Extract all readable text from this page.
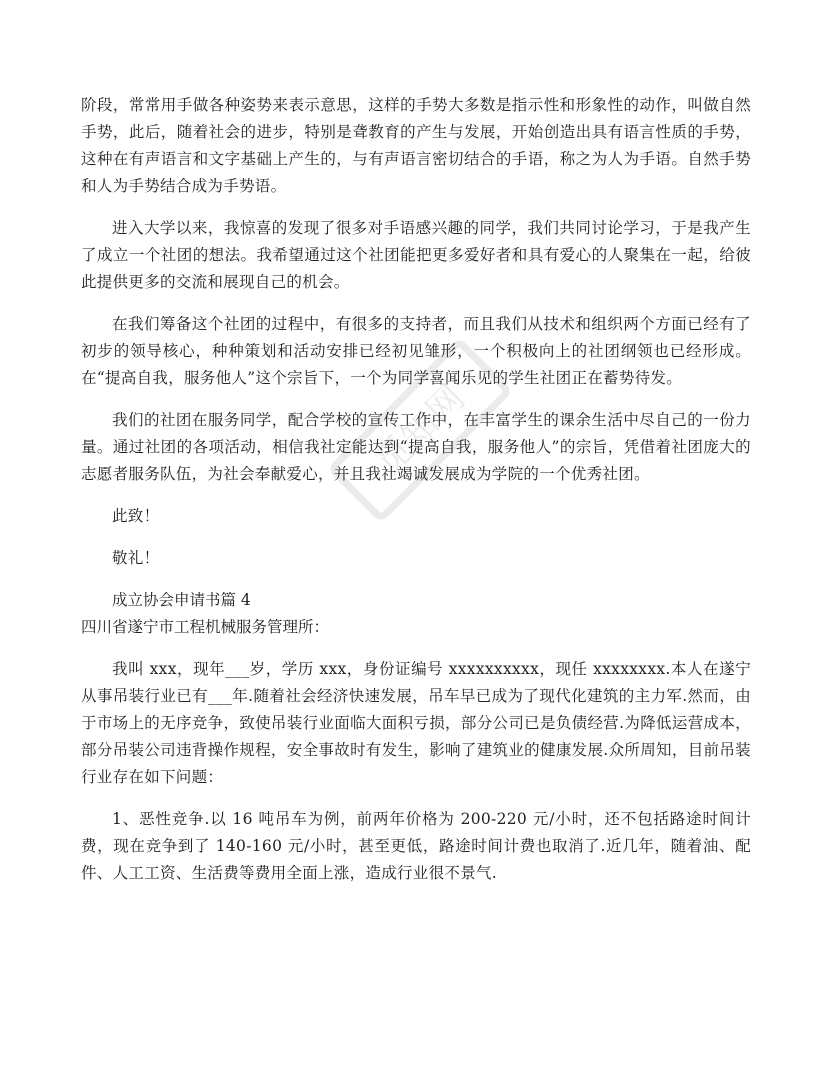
觅知网

阶段，常常用手做各种姿势来表示意思，这样的手势大多数是指示性和形象性的动作，叫做自然手势，此后，随着社会的进步，特别是聋教育的产生与发展，开始创造出具有语言性质的手势，这种在有声语言和文字基础上产生的，与有声语言密切结合的手语，称之为人为手语。自然手势和人为手势结合成为手势语。

进入大学以来，我惊喜的发现了很多对手语感兴趣的同学，我们共同讨论学习，于是我产生了成立一个社团的想法。我希望通过这个社团能把更多爱好者和具有爱心的人聚集在一起，给彼此提供更多的交流和展现自己的机会。

在我们筹备这个社团的过程中，有很多的支持者，而且我们从技术和组织两个方面已经有了初步的领导核心，种种策划和活动安排已经初见雏形，一个积极向上的社团纲领也已经形成。在“提高自我，服务他人”这个宗旨下，一个为同学喜闻乐见的学生社团正在蓄势待发。

我们的社团在服务同学，配合学校的宣传工作中，在丰富学生的课余生活中尽自己的一份力量。通过社团的各项活动，相信我社定能达到“提高自我，服务他人”的宗旨，凭借着社团庞大的志愿者服务队伍，为社会奉献爱心，并且我社竭诚发展成为学院的一个优秀社团。

此致！

敬礼！

成立协会申请书篇 4

四川省遂宁市工程机械服务管理所：

我叫 xxx，现年___岁，学历 xxx，身份证编号 xxxxxxxxxx，现任 xxxxxxxx.本人在遂宁从事吊装行业已有___年.随着社会经济快速发展，吊车早已成为了现代化建筑的主力军.然而，由于市场上的无序竞争，致使吊装行业面临大面积亏损，部分公司已是负债经营.为降低运营成本，部分吊装公司违背操作规程，安全事故时有发生，影响了建筑业的健康发展.众所周知，目前吊装行业存在如下问题：

1、恶性竞争.以 16 吨吊车为例，前两年价格为 200-220 元/小时，还不包括路途时间计费，现在竞争到了 140-160 元/小时，甚至更低，路途时间计费也取消了.近几年，随着油、配件、人工工资、生活费等费用全面上涨，造成行业很不景气.
